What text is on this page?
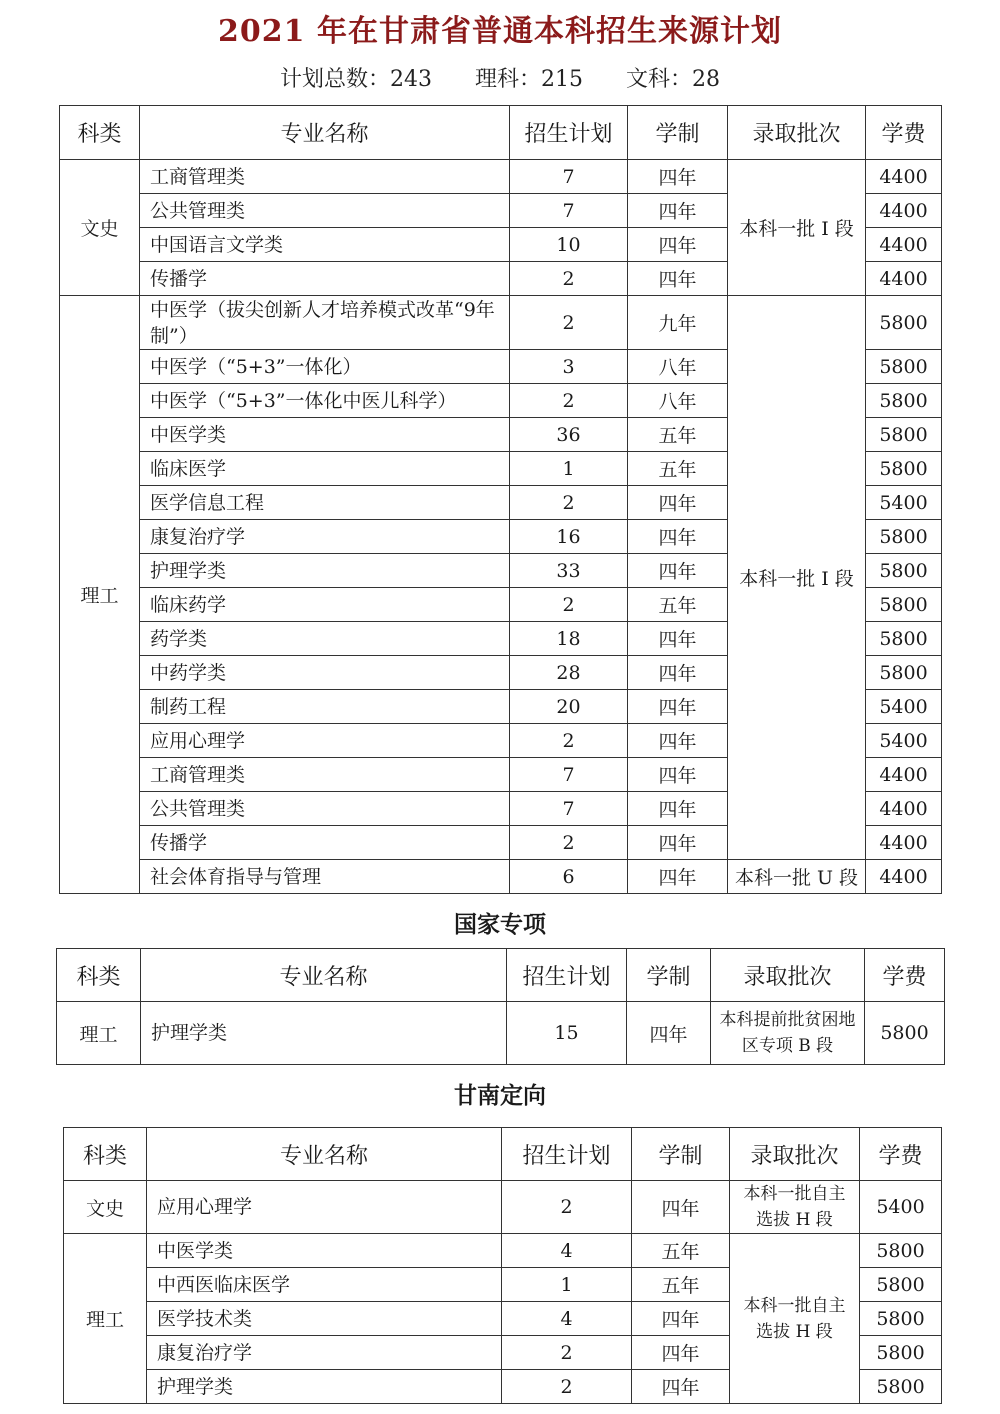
2021 年在甘肃省普通本科招生来源计划
计划总数：243 理科：215 文科：28
科类	专业名称	招生计划	学制	录取批次	学费
文史	工商管理类	7	四年	本科一批 I 段	4400
	公共管理类	7	四年		4400
	中国语言文学类	10	四年		4400
	传播学	2	四年		4400
理工	中医学（拔尖创新人才培养模式改革“9年制”）	2	九年	本科一批 I 段	5800
	中医学（“5+3”一体化）	3	八年		5800
	中医学（“5+3”一体化中医儿科学）	2	八年		5800
	中医学类	36	五年		5800
	临床医学	1	五年		5800
	医学信息工程	2	四年		5400
	康复治疗学	16	四年		5800
	护理学类	33	四年		5800
	临床药学	2	五年		5800
	药学类	18	四年		5800
	中药学类	28	四年		5800
	制药工程	20	四年		5400
	应用心理学	2	四年		5400
	工商管理类	7	四年		4400
	公共管理类	7	四年		4400
	传播学	2	四年		4400
	社会体育指导与管理	6	四年	本科一批 U 段	4400
国家专项
科类	专业名称	招生计划	学制	录取批次	学费
理工	护理学类	15	四年	本科提前批贫困地区专项 B 段	5800
甘南定向
科类	专业名称	招生计划	学制	录取批次	学费
文史	应用心理学	2	四年	本科一批自主选拔 H 段	5400
理工	中医学类	4	五年	本科一批自主选拔 H 段	5800
	中西医临床医学	1	五年		5800
	医学技术类	4	四年		5800
	康复治疗学	2	四年		5800
	护理学类	2	四年		5800
